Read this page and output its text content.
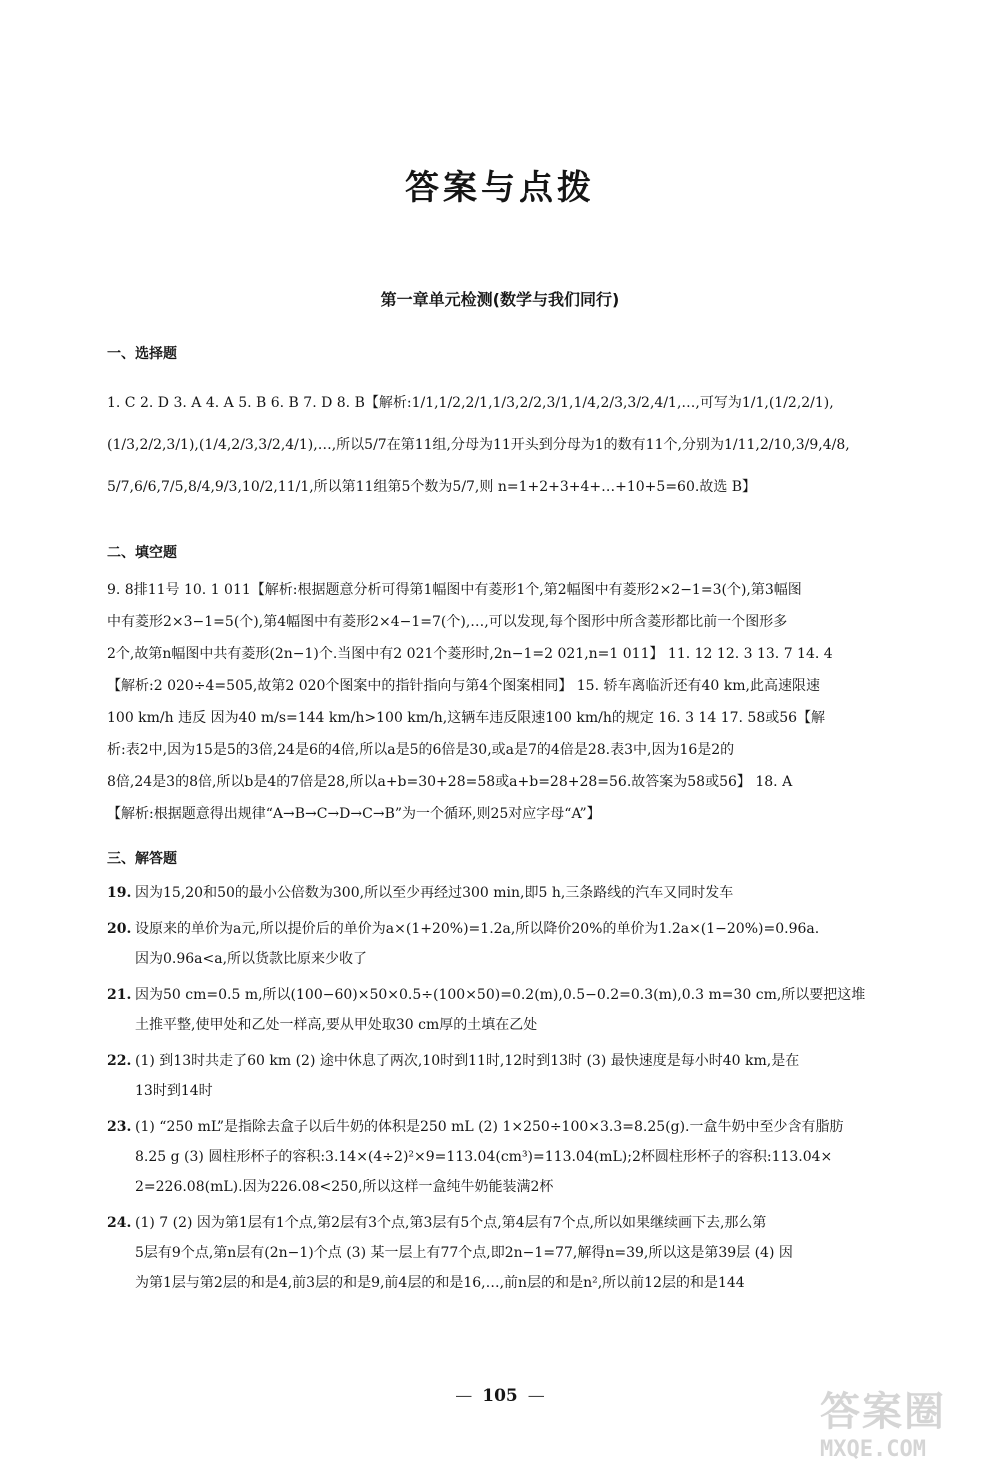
答案与点拨
第一章单元检测(数学与我们同行)
一、选择题
1. C 2. D 3. A 4. A 5. B 6. B 7. D 8. B【解析:1/1,1/2,2/1,1/3,2/2,3/1,1/4,2/3,3/2,4/1,…,可写为1/1,(1/2,2/1),
(1/3,2/2,3/1),(1/4,2/3,3/2,4/1),…,所以5/7在第11组,分母为11开头到分母为1的数有11个,分别为1/11,2/10,3/9,4/8,
5/7,6/6,7/5,8/4,9/3,10/2,11/1,所以第11组第5个数为5/7,则 n=1+2+3+4+…+10+5=60.故选 B】
二、填空题
9. 8排11号 10. 1 011【解析:根据题意分析可得第1幅图中有菱形1个,第2幅图中有菱形2×2−1=3(个),第3幅图
中有菱形2×3−1=5(个),第4幅图中有菱形2×4−1=7(个),…,可以发现,每个图形中所含菱形都比前一个图形多
2个,故第n幅图中共有菱形(2n−1)个.当图中有2 021个菱形时,2n−1=2 021,n=1 011】 11. 12 12. 3 13. 7 14. 4
【解析:2 020÷4=505,故第2 020个图案中的指针指向与第4个图案相同】 15. 轿车离临沂还有40 km,此高速限速
100 km/h 违反 因为40 m/s=144 km/h>100 km/h,这辆车违反限速100 km/h的规定 16. 3 14 17. 58或56【解
析:表2中,因为15是5的3倍,24是6的4倍,所以a是5的6倍是30,或a是7的4倍是28.表3中,因为16是2的
8倍,24是3的8倍,所以b是4的7倍是28,所以a+b=30+28=58或a+b=28+28=56.故答案为58或56】 18. A
【解析:根据题意得出规律“A→B→C→D→C→B”为一个循环,则25对应字母“A”】
三、解答题
19. 因为15,20和50的最小公倍数为300,所以至少再经过300 min,即5 h,三条路线的汽车又同时发车
20. 设原来的单价为a元,所以提价后的单价为a×(1+20%)=1.2a,所以降价20%的单价为1.2a×(1−20%)=0.96a.
因为0.96a<a,所以货款比原来少收了
21. 因为50 cm=0.5 m,所以(100−60)×50×0.5÷(100×50)=0.2(m),0.5−0.2=0.3(m),0.3 m=30 cm,所以要把这堆
土推平整,使甲处和乙处一样高,要从甲处取30 cm厚的土填在乙处
22. (1) 到13时共走了60 km (2) 途中休息了两次,10时到11时,12时到13时 (3) 最快速度是每小时40 km,是在
13时到14时
23. (1) “250 mL”是指除去盒子以后牛奶的体积是250 mL (2) 1×250÷100×3.3=8.25(g).一盒牛奶中至少含有脂肪
8.25 g (3) 圆柱形杯子的容积:3.14×(4÷2)²×9=113.04(cm³)=113.04(mL);2杯圆柱形杯子的容积:113.04×
2=226.08(mL).因为226.08<250,所以这样一盒纯牛奶能装满2杯
24. (1) 7 (2) 因为第1层有1个点,第2层有3个点,第3层有5个点,第4层有7个点,所以如果继续画下去,那么第
5层有9个点,第n层有(2n−1)个点 (3) 某一层上有77个点,即2n−1=77,解得n=39,所以这是第39层 (4) 因
为第1层与第2层的和是4,前3层的和是9,前4层的和是16,…,前n层的和是n²,所以前12层的和是144
— 105 —	答案圈
MXQE.COM
